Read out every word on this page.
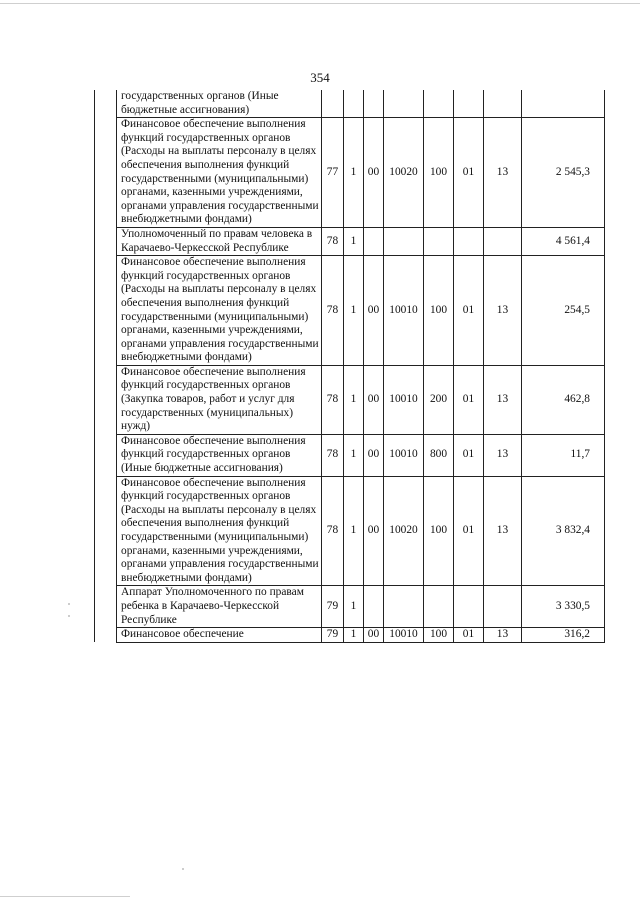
354
	государственных органов (Иные бюджетные ассигнования)								
	Финансовое обеспечение выполнения функций государственных органов (Расходы на выплаты персоналу в целях обеспечения выполнения функций государственными (муниципальными) органами, казенными учреждениями, органами управления государственными внебюджетными фондами)	77	1	00	10020	100	01	13	2 545,3
	Уполномоченный по правам человека в Карачаево-Черкесской Республике	78	1						4 561,4
	Финансовое обеспечение выполнения функций государственных органов (Расходы на выплаты персоналу в целях обеспечения выполнения функций государственными (муниципальными) органами, казенными учреждениями, органами управления государственными внебюджетными фондами)	78	1	00	10010	100	01	13	254,5
	Финансовое обеспечение выполнения функций государственных органов (Закупка товаров, работ и услуг для государственных (муниципальных) нужд)	78	1	00	10010	200	01	13	462,8
	Финансовое обеспечение выполнения функций государственных органов (Иные бюджетные ассигнования)	78	1	00	10010	800	01	13	11,7
	Финансовое обеспечение выполнения функций государственных органов (Расходы на выплаты персоналу в целях обеспечения выполнения функций государственными (муниципальными) органами, казенными учреждениями, органами управления государственными внебюджетными фондами)	78	1	00	10020	100	01	13	3 832,4
	Аппарат Уполномоченного по правам ребенка в Карачаево-Черкесской Республике	79	1						3 330,5
	Финансовое обеспечение	79	1	00	10010	100	01	13	316,2
